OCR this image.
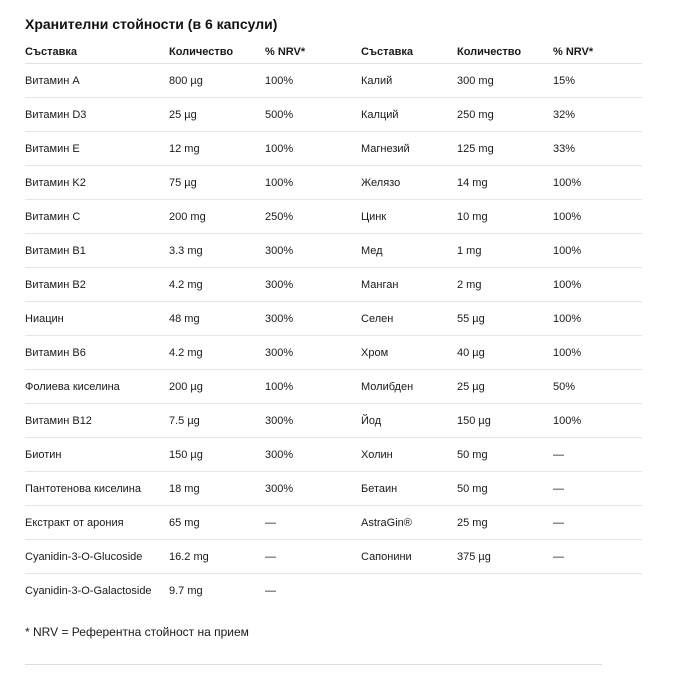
Хранителни стойности (в 6 капсули)
Съставка	Количество	% NRV*	Съставка	Количество	% NRV*
Витамин A	800 µg	100%	Калий	300 mg	15%
Витамин D3	25 µg	500%	Калций	250 mg	32%
Витамин E	12 mg	100%	Магнезий	125 mg	33%
Витамин K2	75 µg	100%	Желязо	14 mg	100%
Витамин C	200 mg	250%	Цинк	10 mg	100%
Витамин B1	3.3 mg	300%	Мед	1 mg	100%
Витамин B2	4.2 mg	300%	Манган	2 mg	100%
Ниацин	48 mg	300%	Селен	55 µg	100%
Витамин B6	4.2 mg	300%	Хром	40 µg	100%
Фолиева киселина	200 µg	100%	Молибден	25 µg	50%
Витамин B12	7.5 µg	300%	Йод	150 µg	100%
Биотин	150 µg	300%	Холин	50 mg	—
Пантотенова киселина	18 mg	300%	Бетаин	50 mg	—
Екстракт от арония	65 mg	—	AstraGin®	25 mg	—
Cyanidin-3-O-Glucoside	16.2 mg	—	Сапонини	375 µg	—
Cyanidin-3-O-Galactoside	9.7 mg	—			
* NRV = Референтна стойност на прием
